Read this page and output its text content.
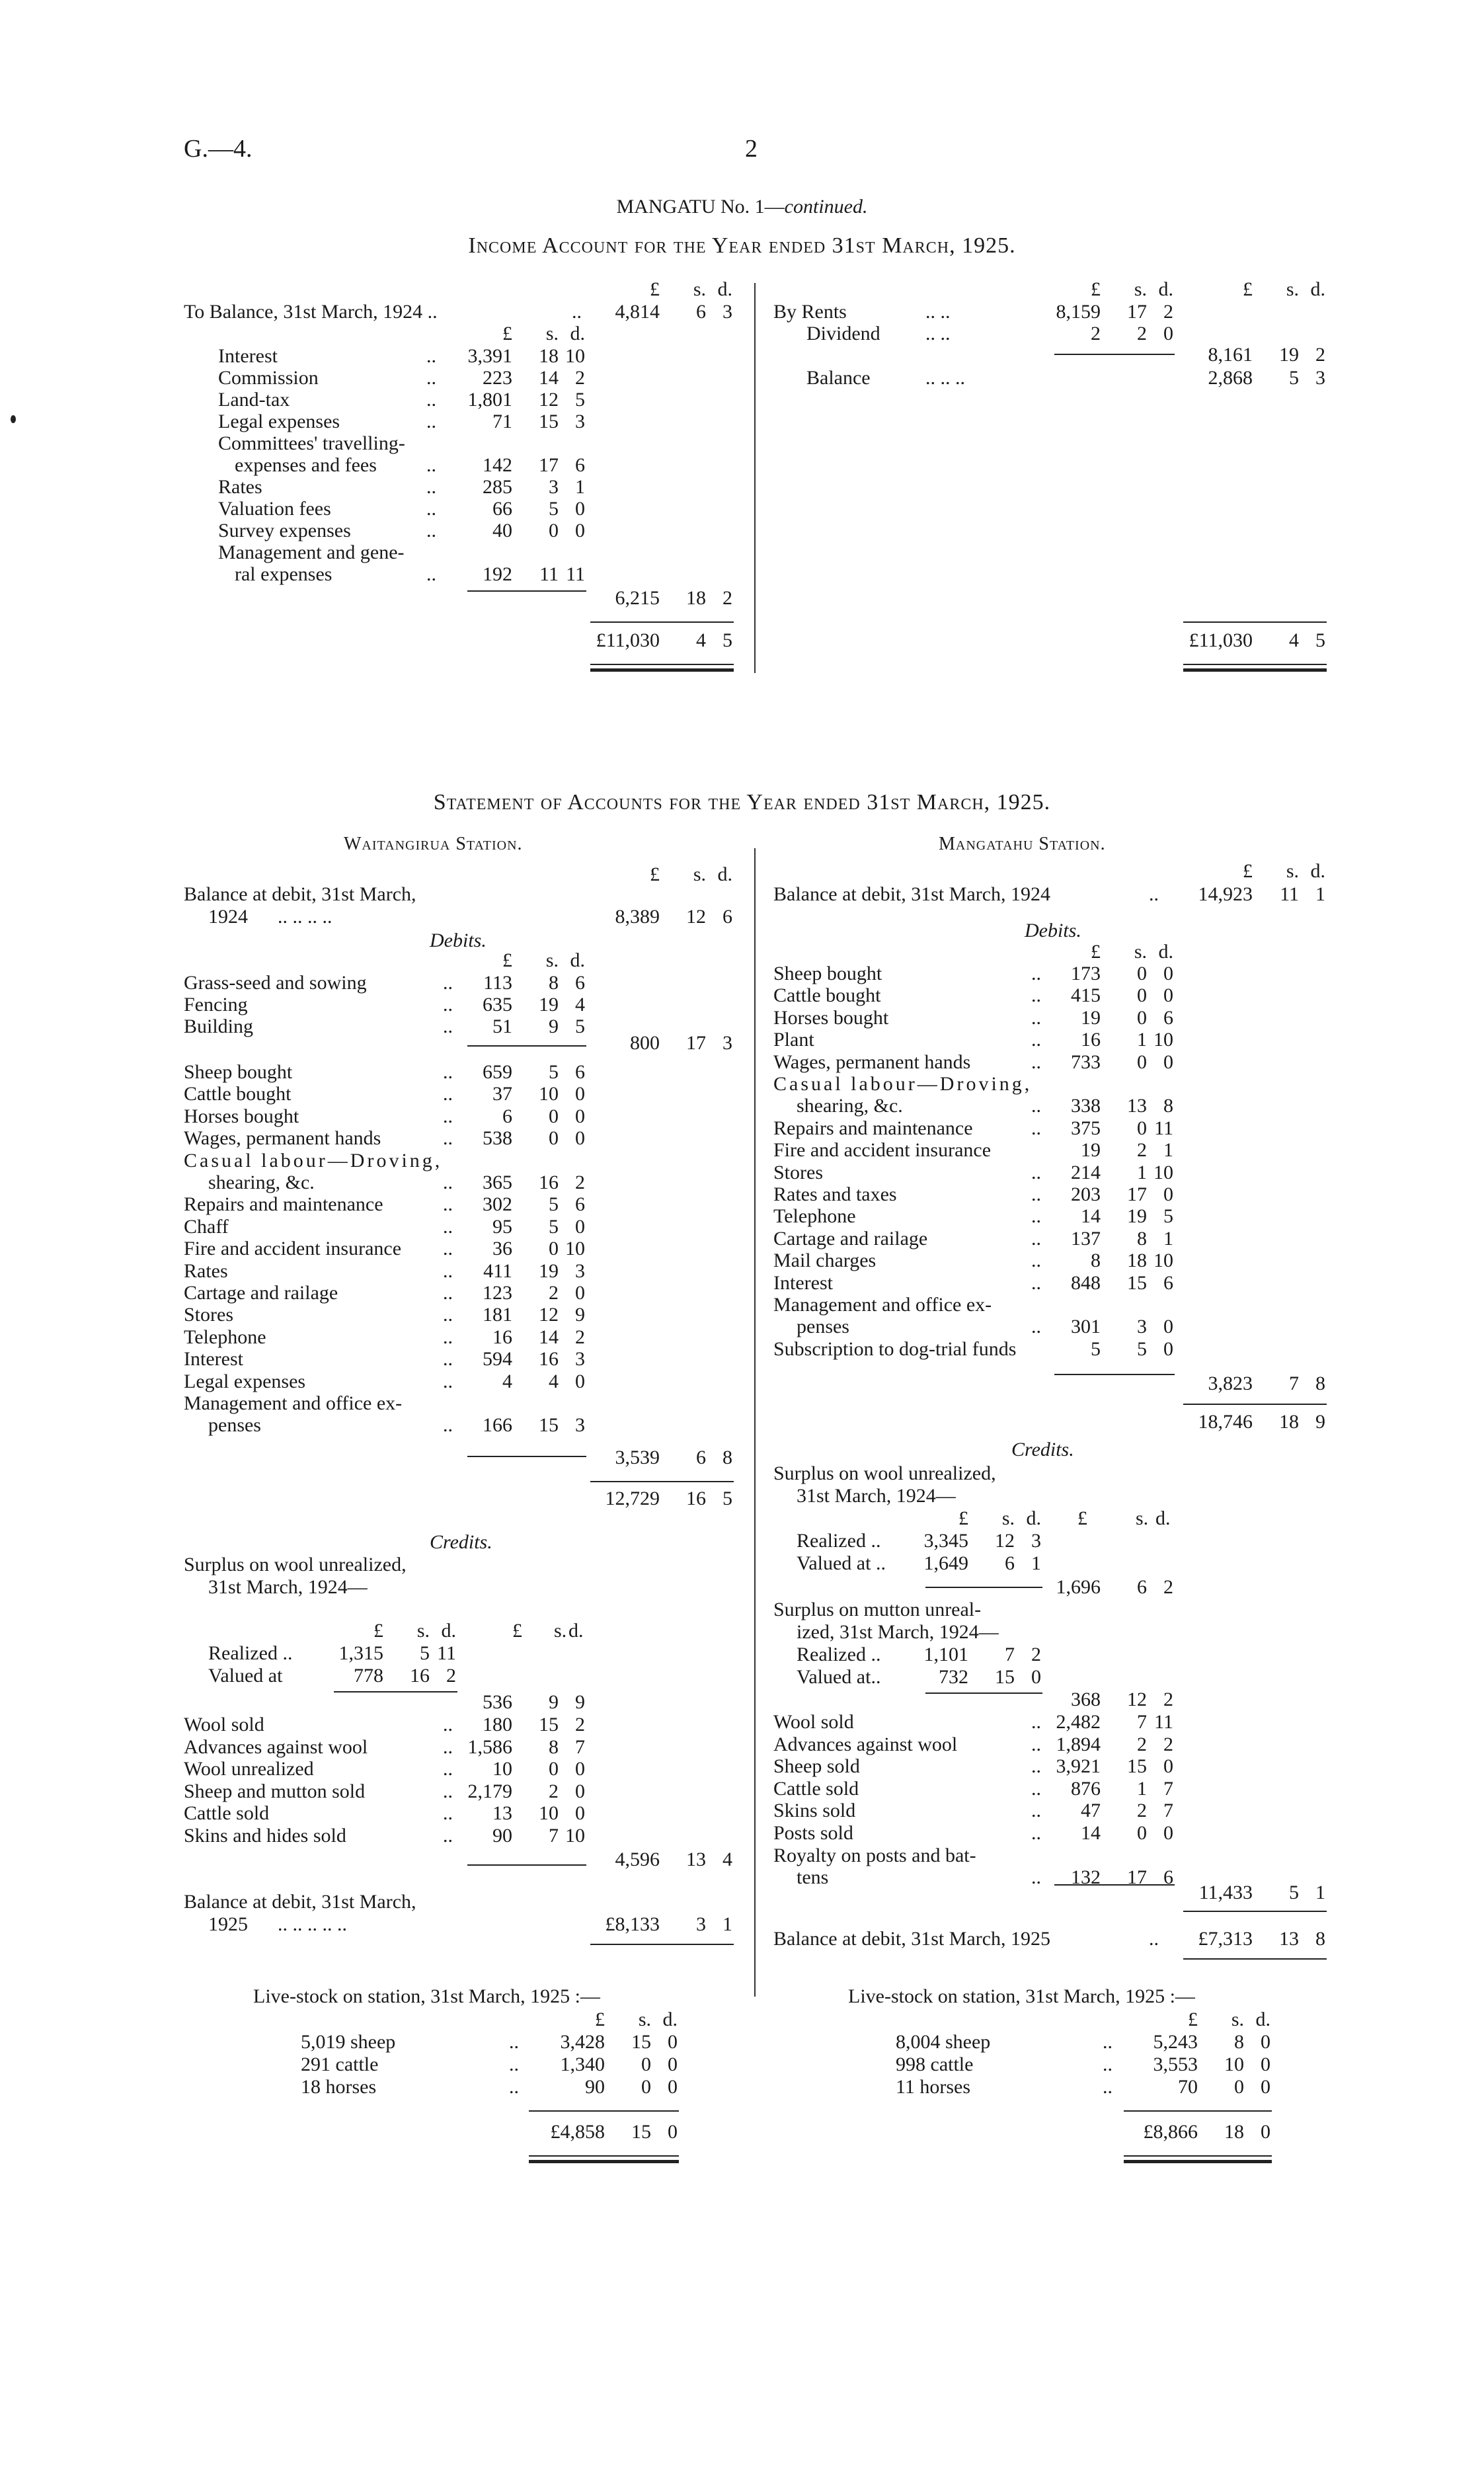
G.—4.	2
MANGATU No. 1—continued.
Income Account for the Year ended 31st March, 1925.
Statement of Accounts for the Year ended 31st March, 1925.
Waitangirua Station.	Mangatahu Station.
£	s. d.
To Balance, 31st March, 1924 ..	..	4,814	6 3
£	s. d.
Interest	..	3,391	18 10
Commission	..	223	14 2
Land-tax	..	1,801	12 5
Legal expenses	..	71	15 3
Committees' travelling-
expenses and fees	..	142	17 6
Rates	..	285	3 1
Valuation fees	..	66	5 0
Survey expenses	..	40	0 0
Management and gene-
ral expenses	..	192	11 11
6,215	18 2
£11,030	4 5
£	s. d.	£	s. d.
By Rents	.. ..	8,159	17 2
Dividend .. ..	2	2 0
8,161	19 2
Balance	.. .. ..	2,868	5 3
£11,030	4 5
£	s. d.
Balance at debit, 31st March,
1924 .. .. .. ..	8,389	12 6
Debits.
£	s. d.
Grass-seed and sowing	..	113	8 6
Fencing	..	635	19 4
Building	..	51	9 5
800	17 3
Sheep bought	..	659	5 6
Cattle bought	..	37	10 0
Horses bought	..	6	0 0
Wages, permanent hands	..	538	0 0
Casual labour—Droving,
shearing, &c.	..	365	16 2
Repairs and maintenance	..	302	5 6
Chaff	..	95	5 0
Fire and accident insurance ..	36	0 10
Rates	..	411	19 3
Cartage and railage	..	123	2 0
Stores	..	181	12 9
Telephone	..	16	14 2
Interest	..	594	16 3
Legal expenses	..	4	4 0
Management and office ex-
penses	..	166	15 3
3,539	6 8
12,729	16 5
Credits.
Surplus on wool unrealized,
31st March, 1924—
£	s. d.	£ s. d.
Realized ..	1,315	5 11
Valued at	778	16 2
536	9 9
Wool sold	..	180	15 2
Advances against wool	.. 1,586	8 7
Wool unrealized	..	10	0 0
Sheep and mutton sold	.. 2,179	2 0
Cattle sold	..	13	10 0
Skins and hides sold	..	90	7 10
4,596	13 4
Balance at debit, 31st March,
1925 .. .. .. .. ..	£8,133	3 1
Live-stock on station, 31st March, 1925 :—
£	s. d.
5,019 sheep	..	3,428	15 0
291 cattle	..	1,340	0 0
18 horses	..	90	0 0
£4,858	15 0
£	s. d.
Balance at debit, 31st March, 1924	..	14,923	11 1
Debits.
£	s. d.
Sheep bought	..	173	0 0
Cattle bought	..	415	0 0
Horses bought	..	19	0 6
Plant	..	16	1 10
Wages, permanent hands	..	733	0 0
Casual labour—Droving,
shearing, &c.	..	338	13 8
Repairs and maintenance	..	375	0 11
Fire and accident insurance	19	2 1
Stores	..	214	1 10
Rates and taxes	..	203	17 0
Telephone	..	14	19 5
Cartage and railage	..	137	8 1
Mail charges	..	8	18 10
Interest	..	848	15 6
Management and office ex-
penses	..	301	3 0
Subscription to dog-trial funds	5	5 0
3,823	7 8
18,746	18 9
Credits.
Surplus on wool unrealized,
31st March, 1924—
£	s. d. £ s. d.
Realized ..	3,345	12 3
Valued at ..	1,649	6 1
1,696	6 2
Surplus on mutton unreal-
ized, 31st March, 1924—
Realized ..	1,101	7 2
Valued at..	732	15 0
368	12 2
Wool sold	.. 2,482	7 11
Advances against wool	.. 1,894	2 2
Sheep sold	.. 3,921	15 0
Cattle sold	..	876	1 7
Skins sold	..	47	2 7
Posts sold	..	14	0 0
Royalty on posts and bat-
tens	..	132	17 6
11,433	5 1
Balance at debit, 31st March, 1925	..	£7,313	13 8
Live-stock on station, 31st March, 1925 :—
£	s. d.
8,004 sheep	..	5,243	8 0
998 cattle	..	3,553	10 0
11 horses	..	70	0 0
£8,866	18 0
